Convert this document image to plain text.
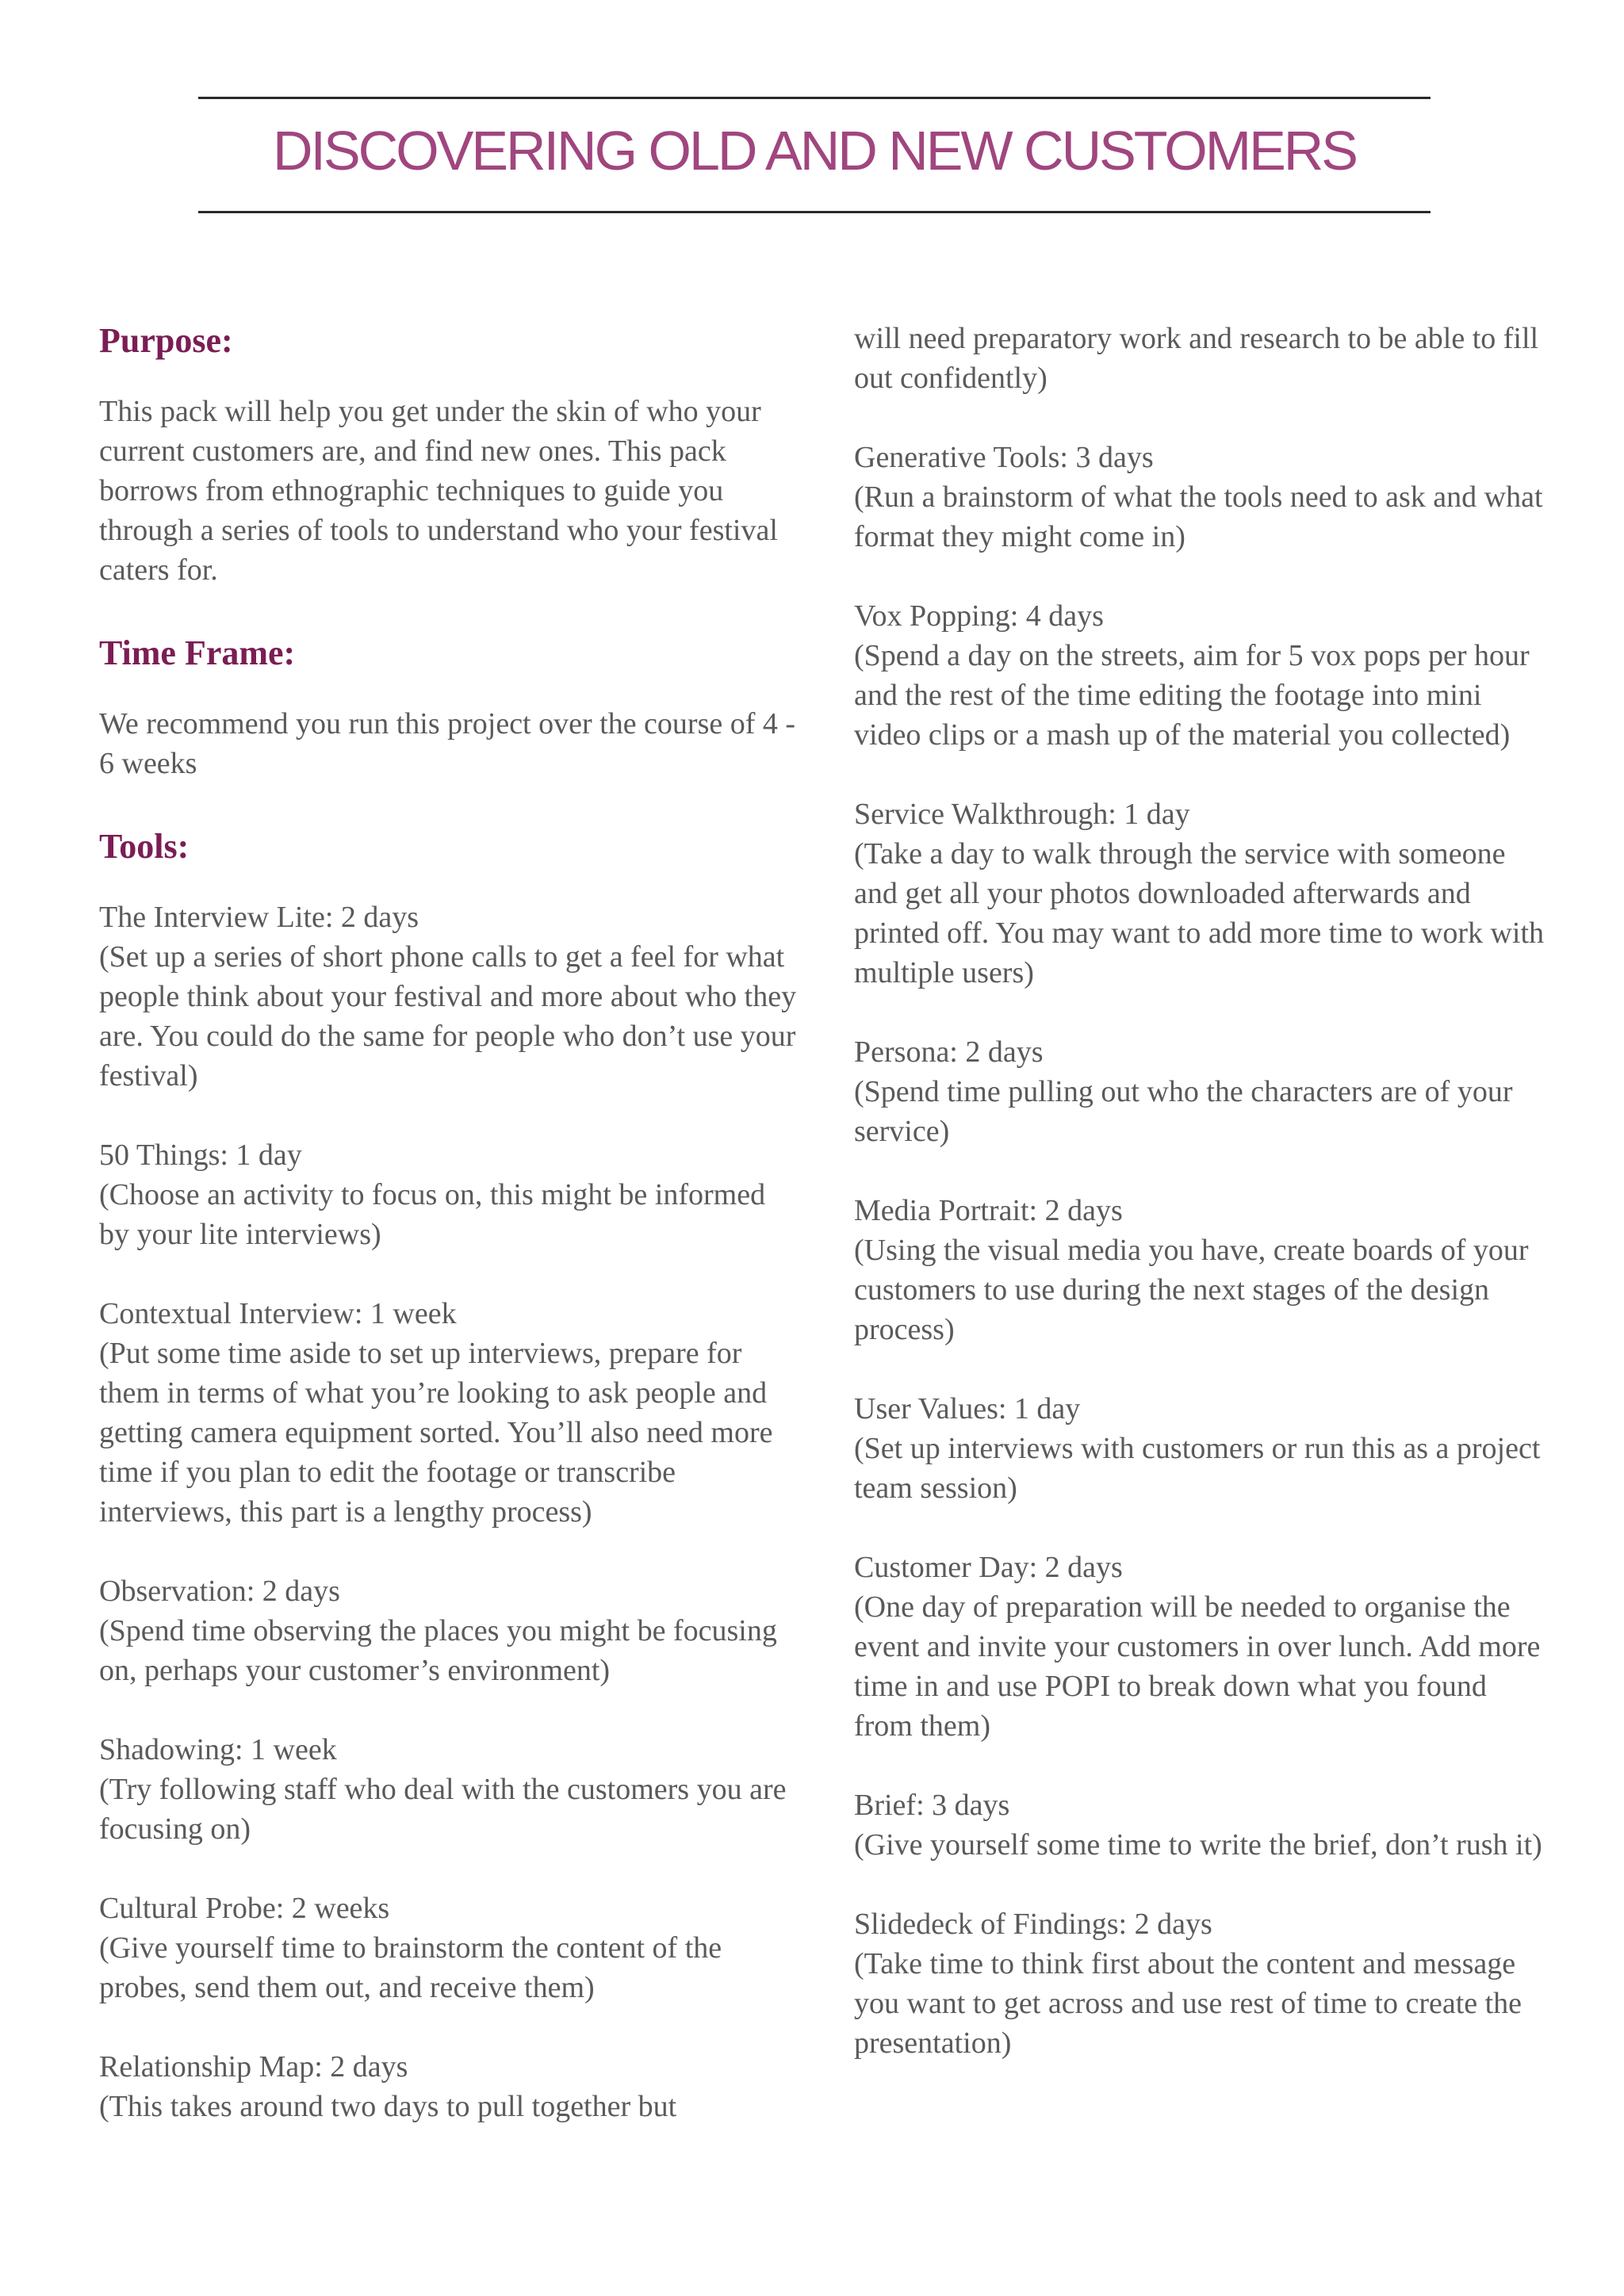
DISCOVERING OLD AND NEW CUSTOMERS
Purpose:
This pack will help you get under the skin of who your current customers are, and find new ones. This pack borrows from ethnographic techniques to guide you through a series of tools to understand who your festival caters for.
Time Frame:
We recommend you run this project over the course of 4 - 6 weeks
Tools:
The Interview Lite: 2 days
(Set up a series of short phone calls to get a feel for what people think about your festival and more about who they are. You could do the same for people who don’t use your festival)
50 Things: 1 day
(Choose an activity to focus on, this might be informed by your lite interviews)
Contextual Interview: 1 week
(Put some time aside to set up interviews, prepare for them in terms of what you’re looking to ask people and getting camera equipment sorted. You’ll also need more time if you plan to edit the footage or transcribe interviews, this part is a lengthy process)
Observation: 2 days
(Spend time observing the places you might be focusing on, perhaps your customer’s environment)
Shadowing: 1 week
(Try following staff who deal with the customers you are focusing on)
Cultural Probe: 2 weeks
(Give yourself time to brainstorm the content of the probes, send them out, and receive them)
Relationship Map: 2 days
(This takes around two days to pull together but
will need preparatory work and research to be able to fill out confidently)
Generative Tools: 3 days
(Run a brainstorm of what the tools need to ask and what format they might come in)
Vox Popping: 4 days
(Spend a day on the streets, aim for 5 vox pops per hour and the rest of the time editing the footage into mini video clips or a mash up of the material you collected)
Service Walkthrough: 1 day
(Take a day to walk through the service with someone and get all your photos downloaded afterwards and printed off. You may want to add more time to work with multiple users)
Persona: 2 days
(Spend time pulling out who the characters are of your service)
Media Portrait: 2 days
(Using the visual media you have, create boards of your customers to use during the next stages of the design process)
User Values: 1 day
(Set up interviews with customers or run this as a project team session)
Customer Day: 2 days
(One day of preparation will be needed to organise the event and invite your customers in over lunch. Add more time in and use POPI to break down what you found from them)
Brief: 3 days
(Give yourself some time to write the brief, don’t rush it)
Slidedeck of Findings: 2 days
(Take time to think first about the content and message you want to get across and use rest of time to create the presentation)
